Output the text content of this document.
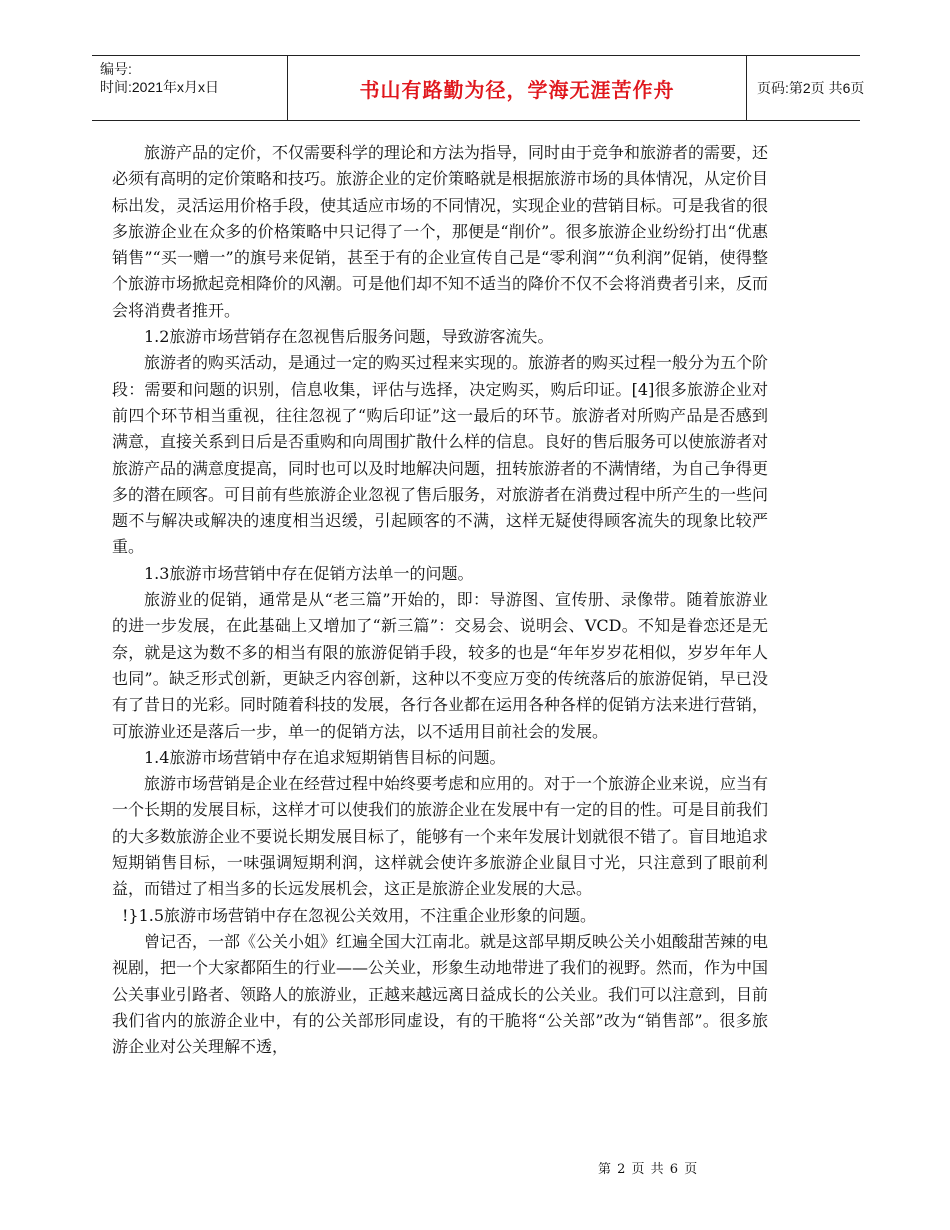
编号:
时间:2021年x月x日	书山有路勤为径，学海无涯苦作舟	页码:第2页 共6页

旅游产品的定价，不仅需要科学的理论和方法为指导，同时由于竞争和旅游者的需要，还必须有高明的定价策略和技巧。旅游企业的定价策略就是根据旅游市场的具体情况，从定价目标出发，灵活运用价格手段，使其适应市场的不同情况，实现企业的营销目标。可是我省的很多旅游企业在众多的价格策略中只记得了一个，那便是“削价”。很多旅游企业纷纷打出“优惠销售”“买一赠一”的旗号来促销，甚至于有的企业宣传自己是“零利润”“负利润”促销，使得整个旅游市场掀起竞相降价的风潮。可是他们却不知不适当的降价不仅不会将消费者引来，反而会将消费者推开。

1.2旅游市场营销存在忽视售后服务问题，导致游客流失。

旅游者的购买活动，是通过一定的购买过程来实现的。旅游者的购买过程一般分为五个阶段：需要和问题的识别，信息收集，评估与选择，决定购买，购后印证。[4]很多旅游企业对前四个环节相当重视，往往忽视了“购后印证”这一最后的环节。旅游者对所购产品是否感到满意，直接关系到日后是否重购和向周围扩散什么样的信息。良好的售后服务可以使旅游者对旅游产品的满意度提高，同时也可以及时地解决问题，扭转旅游者的不满情绪，为自己争得更多的潜在顾客。可目前有些旅游企业忽视了售后服务，对旅游者在消费过程中所产生的一些问题不与解决或解决的速度相当迟缓，引起顾客的不满，这样无疑使得顾客流失的现象比较严重。

1.3旅游市场营销中存在促销方法单一的问题。

旅游业的促销，通常是从“老三篇”开始的，即：导游图、宣传册、录像带。随着旅游业的进一步发展，在此基础上又增加了“新三篇”：交易会、说明会、VCD。不知是眷恋还是无奈，就是这为数不多的相当有限的旅游促销手段，较多的也是“年年岁岁花相似，岁岁年年人也同”。缺乏形式创新，更缺乏内容创新，这种以不变应万变的传统落后的旅游促销，早已没有了昔日的光彩。同时随着科技的发展，各行各业都在运用各种各样的促销方法来进行营销，可旅游业还是落后一步，单一的促销方法，以不适用目前社会的发展。

1.4旅游市场营销中存在追求短期销售目标的问题。

旅游市场营销是企业在经营过程中始终要考虑和应用的。对于一个旅游企业来说，应当有一个长期的发展目标，这样才可以使我们的旅游企业在发展中有一定的目的性。可是目前我们的大多数旅游企业不要说长期发展目标了，能够有一个来年发展计划就很不错了。盲目地追求短期销售目标，一味强调短期利润，这样就会使许多旅游企业鼠目寸光，只注意到了眼前利益，而错过了相当多的长远发展机会，这正是旅游企业发展的大忌。

!}1.5旅游市场营销中存在忽视公关效用，不注重企业形象的问题。

曾记否，一部《公关小姐》红遍全国大江南北。就是这部早期反映公关小姐酸甜苦辣的电视剧，把一个大家都陌生的行业——公关业，形象生动地带进了我们的视野。然而，作为中国公关事业引路者、领路人的旅游业，正越来越远离日益成长的公关业。我们可以注意到，目前我们省内的旅游企业中，有的公关部形同虚设，有的干脆将“公关部”改为“销售部”。很多旅游企业对公关理解不透，

第 2 页 共 6 页
